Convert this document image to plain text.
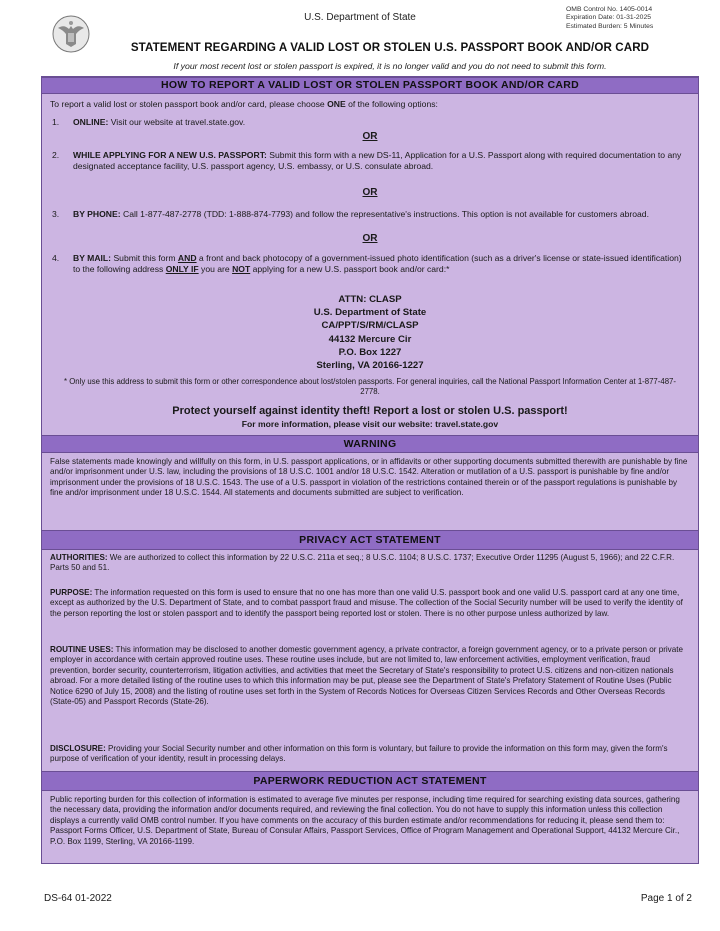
U.S. Department of State
OMB Control No. 1405-0014
Expiration Date: 01-31-2025
Estimated Burden: 5 Minutes
STATEMENT REGARDING A VALID LOST OR STOLEN U.S. PASSPORT BOOK AND/OR CARD
If your most recent lost or stolen passport is expired, it is no longer valid and you do not need to submit this form.
HOW TO REPORT A VALID LOST OR STOLEN PASSPORT BOOK AND/OR CARD
To report a valid lost or stolen passport book and/or card, please choose ONE of the following options:
1. ONLINE: Visit our website at travel.state.gov.
OR
2. WHILE APPLYING FOR A NEW U.S. PASSPORT: Submit this form with a new DS-11, Application for a U.S. Passport along with required documentation to any designated acceptance facility, U.S. passport agency, U.S. embassy, or U.S. consulate abroad.
OR
3. BY PHONE: Call 1-877-487-2778 (TDD: 1-888-874-7793) and follow the representative's instructions. This option is not available for customers abroad.
OR
4. BY MAIL: Submit this form AND a front and back photocopy of a government-issued photo identification (such as a driver's license or state-issued identification) to the following address ONLY IF you are NOT applying for a new U.S. passport book and/or card:*
ATTN: CLASP
U.S. Department of State
CA/PPT/S/RM/CLASP
44132 Mercure Cir
P.O. Box 1227
Sterling, VA 20166-1227
* Only use this address to submit this form or other correspondence about lost/stolen passports. For general inquiries, call the National Passport Information Center at 1-877-487-2778.
Protect yourself against identity theft! Report a lost or stolen U.S. passport!
For more information, please visit our website: travel.state.gov
WARNING
False statements made knowingly and willfully on this form, in U.S. passport applications, or in affidavits or other supporting documents submitted therewith are punishable by fine and/or imprisonment under U.S. law, including the provisions of 18 U.S.C. 1001 and/or 18 U.S.C. 1542. Alteration or mutilation of a U.S. passport is punishable by fine and/or imprisonment under the provisions of 18 U.S.C. 1543. The use of a U.S. passport in violation of the restrictions contained therein or of the passport regulations is punishable by fine and/or imprisonment under 18 U.S.C. 1544. All statements and documents submitted are subject to verification.
PRIVACY ACT STATEMENT
AUTHORITIES: We are authorized to collect this information by 22 U.S.C. 211a et seq.; 8 U.S.C. 1104; 8 U.S.C. 1737; Executive Order 11295 (August 5, 1966); and 22 C.F.R. Parts 50 and 51.
PURPOSE: The information requested on this form is used to ensure that no one has more than one valid U.S. passport book and one valid U.S. passport card at any one time, except as authorized by the U.S. Department of State, and to combat passport fraud and misuse. The collection of the Social Security number will be used to verify the identity of the person reporting the lost or stolen passport and to identify the passport being reported lost or stolen. There is no other purpose unless authorized by law.
ROUTINE USES: This information may be disclosed to another domestic government agency, a private contractor, a foreign government agency, or to a private person or private employer in accordance with certain approved routine uses. These routine uses include, but are not limited to, law enforcement activities, employment verification, fraud prevention, border security, counterterrorism, litigation activities, and activities that meet the Secretary of State's responsibility to protect U.S. citizens and non-citizen nationals abroad. For a more detailed listing of the routine uses to which this information may be put, please see the Department of State's Prefatory Statement of Routine Uses (Public Notice 6290 of July 15, 2008) and the listing of routine uses set forth in the System of Records Notices for Overseas Citizen Services Records and Other Overseas Records (State-05) and Passport Records (State-26).
DISCLOSURE: Providing your Social Security number and other information on this form is voluntary, but failure to provide the information on this form may, given the form's purpose of verification of your identity, result in processing delays.
PAPERWORK REDUCTION ACT STATEMENT
Public reporting burden for this collection of information is estimated to average five minutes per response, including time required for searching existing data sources, gathering the necessary data, providing the information and/or documents required, and reviewing the final collection. You do not have to supply this information unless this collection displays a currently valid OMB control number. If you have comments on the accuracy of this burden estimate and/or recommendations for reducing it, please send them to: Passport Forms Officer, U.S. Department of State, Bureau of Consular Affairs, Passport Services, Office of Program Management and Operational Support, 44132 Mercure Cir., P.O. Box 1199, Sterling, VA 20166-1199.
DS-64 01-2022	Page 1 of 2
